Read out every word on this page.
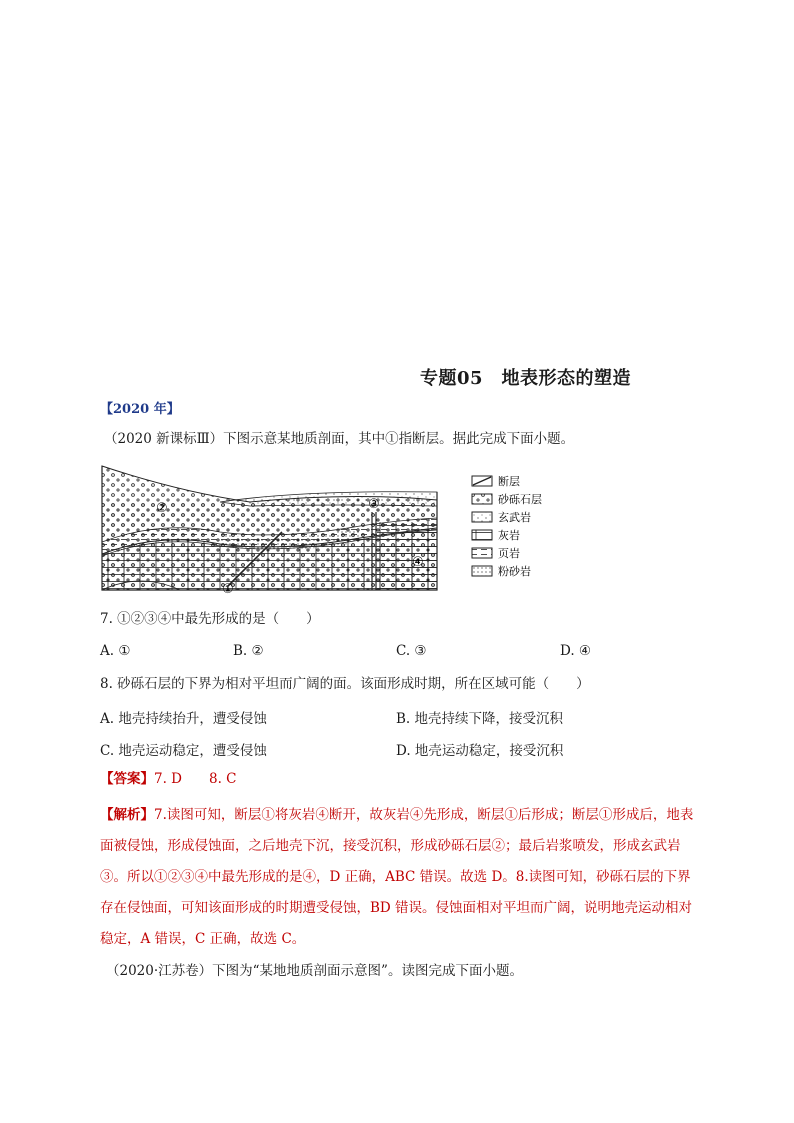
专题05　地表形态的塑造
【2020 年】
（2020 新课标Ⅲ）下图示意某地质剖面，其中①指断层。据此完成下面小题。
②	③
①
④
断层
砂砾石层
玄武岩
灰岩
页岩
粉砂岩
7. ①②③④中最先形成的是（　　）
A. ①	B. ②	C. ③	D. ④
8. 砂砾石层的下界为相对平坦而广阔的面。该面形成时期，所在区域可能（　　）
A. 地壳持续抬升，遭受侵蚀	B. 地壳持续下降，接受沉积
C. 地壳运动稳定，遭受侵蚀	D. 地壳运动稳定，接受沉积
【答案】7. D　　8. C
【解析】7.读图可知，断层①将灰岩④断开，故灰岩④先形成，断层①后形成；断层①形成后，地表面被侵蚀，形成侵蚀面，之后地壳下沉，接受沉积，形成砂砾石层②；最后岩浆喷发，形成玄武岩③。所以①②③④中最先形成的是④，D 正确，ABC 错误。故选 D。8.读图可知，砂砾石层的下界存在侵蚀面，可知该面形成的时期遭受侵蚀，BD 错误。侵蚀面相对平坦而广阔，说明地壳运动相对稳定，A 错误，C 正确，故选 C。
（2020·江苏卷）下图为“某地地质剖面示意图”。读图完成下面小题。
